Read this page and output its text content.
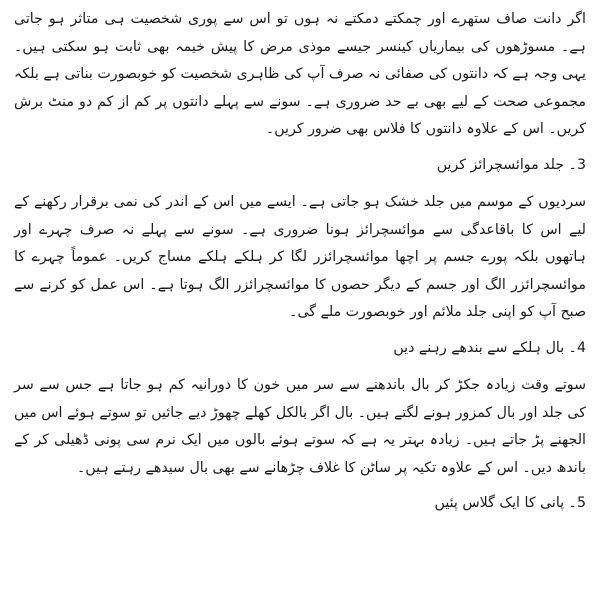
اگر دانت صاف ستھرے اور چمکتے دمکتے نہ ہوں تو اس سے پوری شخصیت ہی متاثر ہو جاتی ہے۔ مسوڑھوں کی بیماریاں کینسر جیسے موذی مرض کا پیش خیمہ بھی ثابت ہو سکتی ہیں۔ یہی وجہ ہے کہ دانتوں کی صفائی نہ صرف آپ کی ظاہری شخصیت کو خوبصورت بناتی ہے بلکہ مجموعی صحت کے لیے بھی بے حد ضروری ہے۔ سونے سے پہلے دانتوں پر کم از کم دو منٹ برش کریں۔ اس کے علاوہ دانتوں کا فلاس بھی ضرور کریں۔

3۔ جلد موائسچرائز کریں

سردیوں کے موسم میں جلد خشک ہو جاتی ہے۔ ایسے میں اس کے اندر کی نمی برقرار رکھنے کے لیے اس کا باقاعدگی سے موائسچرائز ہونا ضروری ہے۔ سونے سے پہلے نہ صرف چہرے اور ہاتھوں بلکہ پورے جسم پر اچھا موائسچرائزر لگا کر ہلکے ہلکے مساج کریں۔ عموماً چہرے کا موائسچرائزر الگ اور جسم کے دیگر حصوں کا موائسچرائزر الگ ہوتا ہے۔ اس عمل کو کرنے سے صبح آپ کو اپنی جلد ملائم اور خوبصورت ملے گی۔

4۔ بال ہلکے سے بندھے رہنے دیں

سوتے وقت زیادہ جکڑ کر بال باندھنے سے سر میں خون کا دورانیہ کم ہو جاتا ہے جس سے سر کی جلد اور بال کمزور ہونے لگتے ہیں۔ بال اگر بالکل کھلے چھوڑ دیے جائیں تو سوتے ہوئے اس میں الجھنے پڑ جاتے ہیں۔ زیادہ بہتر یہ ہے کہ سوتے ہوئے بالوں میں ایک نرم سی پونی ڈھیلی کر کے باندھ دیں۔ اس کے علاوہ تکیہ پر ساٹن کا غلاف چڑھانے سے بھی بال سیدھے رہتے ہیں۔

5۔ پانی کا ایک گلاس پئیں
